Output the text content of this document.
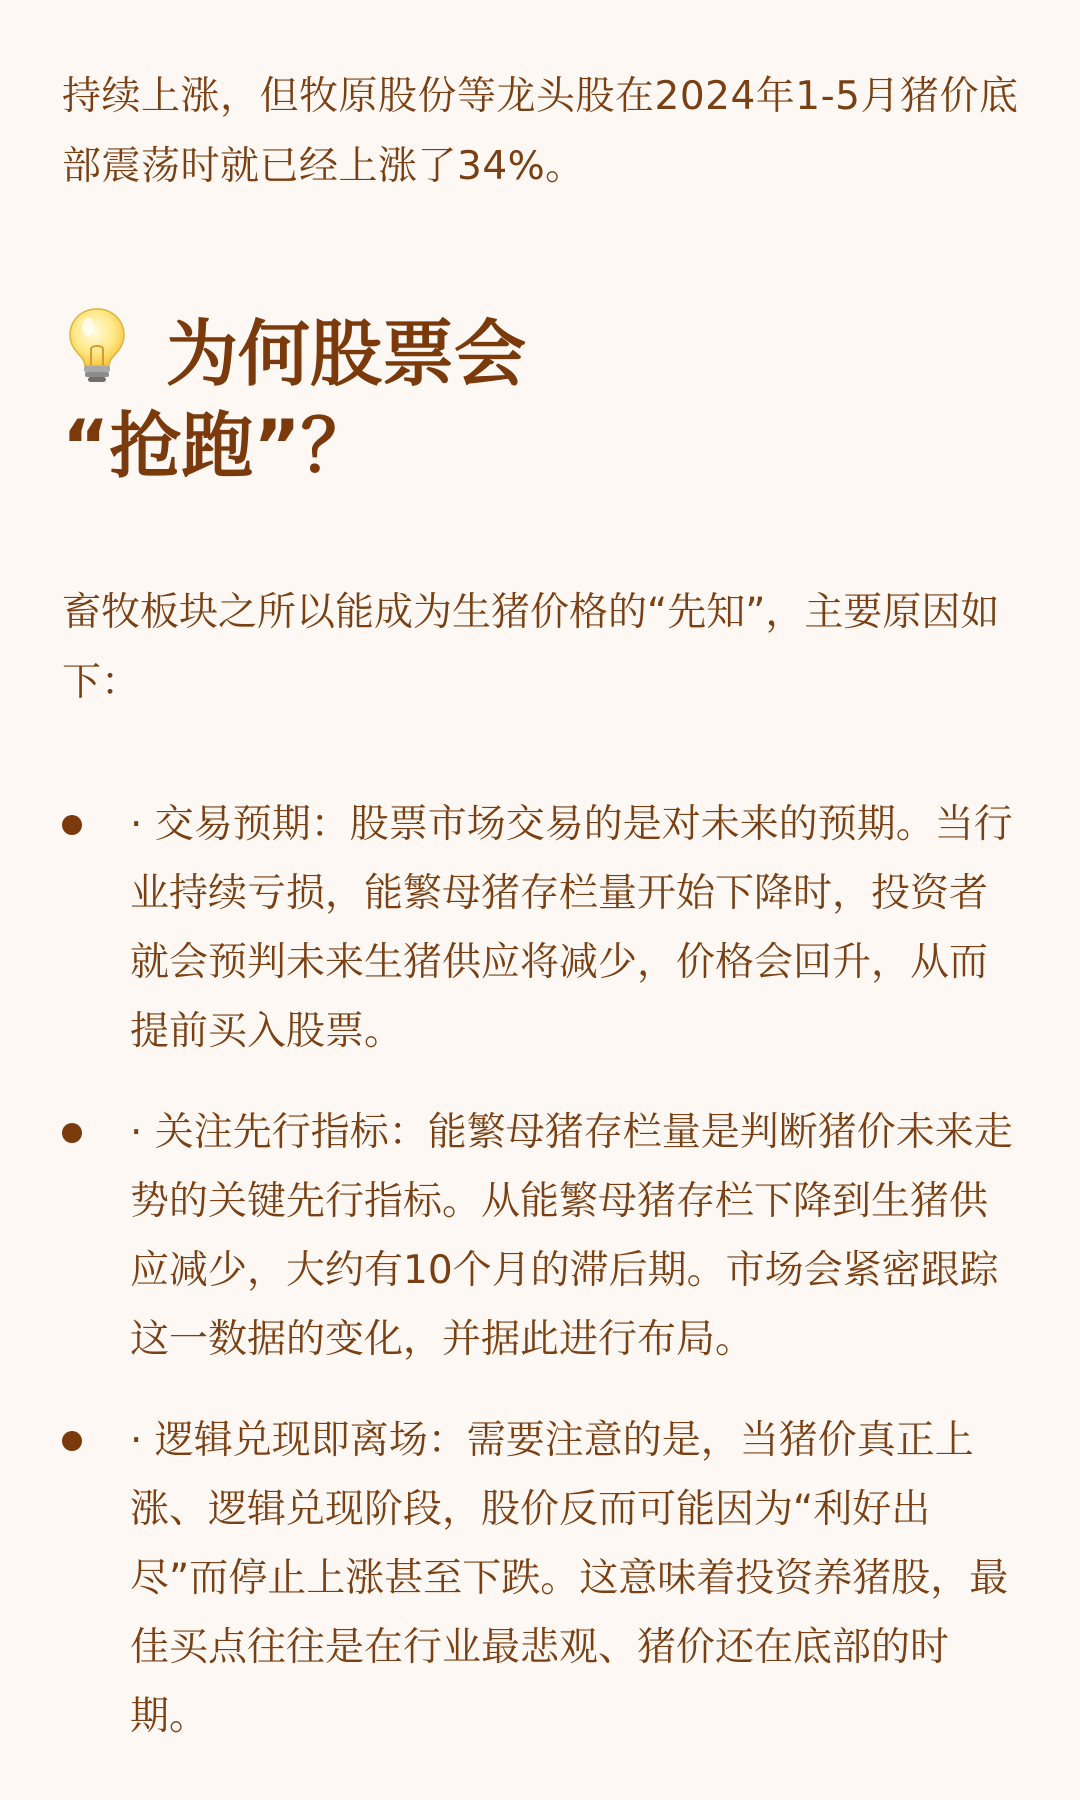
持续上涨，但牧原股份等龙头股在2024年1-5月猪价底部震荡时就已经上涨了34%。

为何股票会
“抢跑”？

畜牧板块之所以能成为生猪价格的“先知”，主要原因如下：

· 交易预期：股票市场交易的是对未来的预期。当行业持续亏损，能繁母猪存栏量开始下降时，投资者就会预判未来生猪供应将减少，价格会回升，从而提前买入股票。
· 关注先行指标：能繁母猪存栏量是判断猪价未来走势的关键先行指标。从能繁母猪存栏下降到生猪供应减少，大约有10个月的滞后期。市场会紧密跟踪这一数据的变化，并据此进行布局。
· 逻辑兑现即离场：需要注意的是，当猪价真正上涨、逻辑兑现阶段，股价反而可能因为“利好出尽”而停止上涨甚至下跌。这意味着投资养猪股，最佳买点往往是在行业最悲观、猪价还在底部的时期。
